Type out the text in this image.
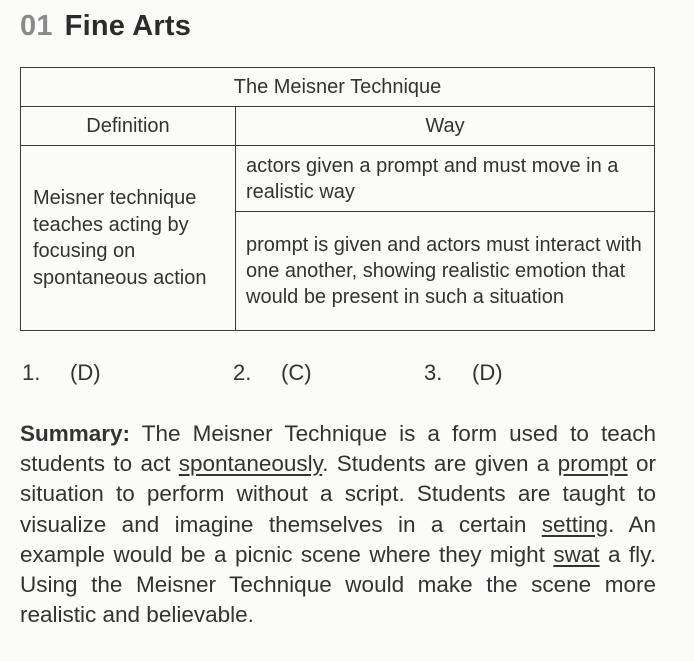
01 Fine Arts
The Meisner Technique	
Definition	Way
Meisner technique teaches acting by focusing on spontaneous action	actors given a prompt and must move in a realistic way
	prompt is given and actors must interact with one another, showing realistic emotion that would be present in such a situation
1. (D)	2. (C)	3. (D)
Summary: The Meisner Technique is a form used to teach students to act spontaneously. Students are given a prompt or situation to perform without a script. Students are taught to visualize and imagine themselves in a certain setting. An example would be a picnic scene where they might swat a fly. Using the Meisner Technique would make the scene more realistic and believable.
